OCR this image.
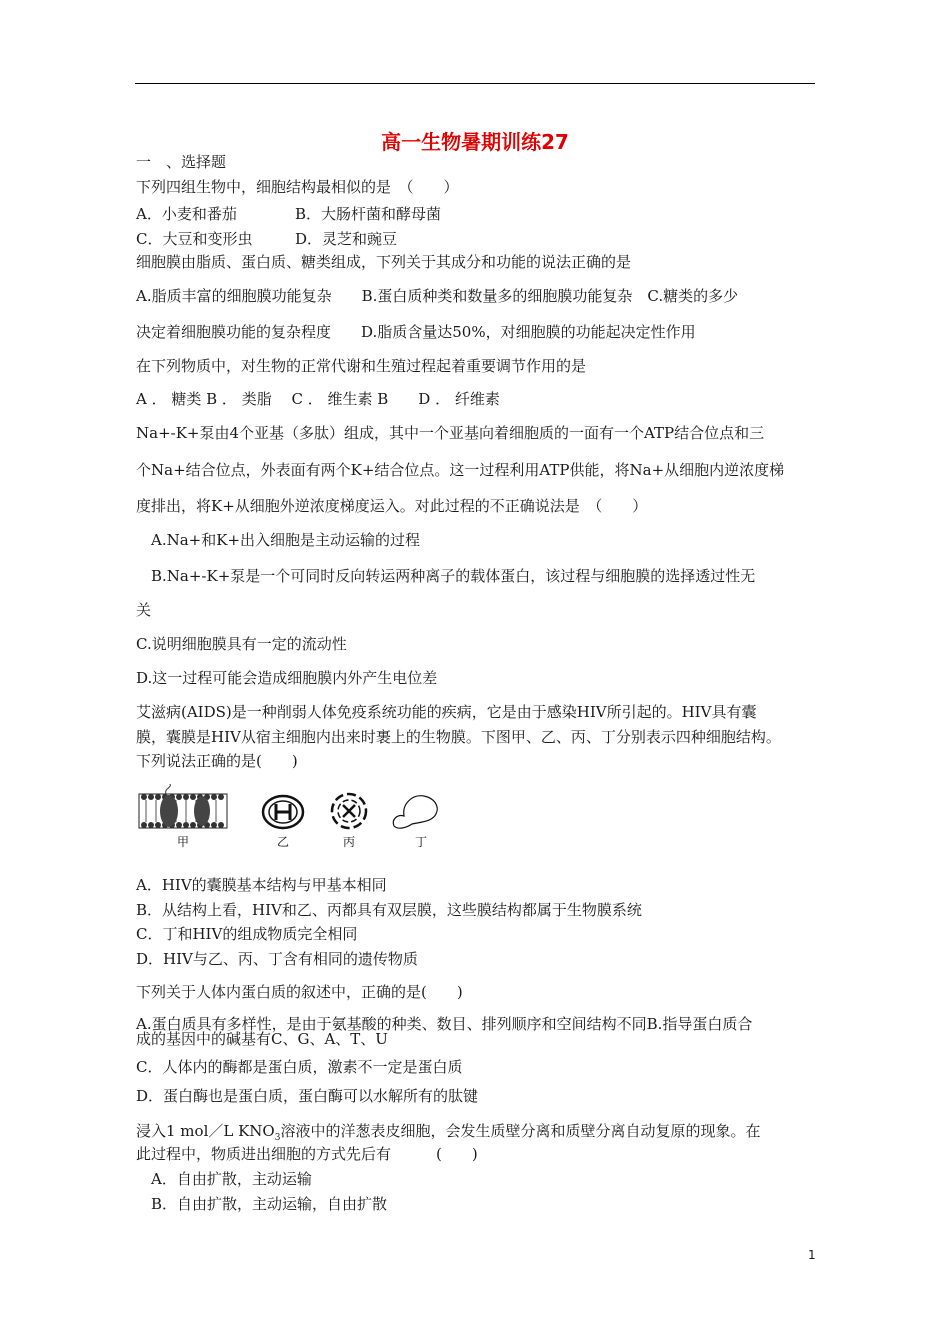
高一生物暑期训练27
一　、选择题
下列四组生物中，细胞结构最相似的是　（　　）
A．小麦和番茄	B．大肠杆菌和酵母菌
C．大豆和变形虫	D．灵芝和豌豆
细胞膜由脂质、蛋白质、糖类组成，下列关于其成分和功能的说法正确的是
A.脂质丰富的细胞膜功能复杂　　B.蛋白质种类和数量多的细胞膜功能复杂　C.糖类的多少
决定着细胞膜功能的复杂程度　　D.脂质含量达50%，对细胞膜的功能起决定性作用
在下列物质中，对生物的正常代谢和生殖过程起着重要调节作用的是
A ． 糖类 B ． 类脂　 C ． 维生素 B　　D ． 纤维素
Na+-K+泵由4个亚基（多肽）组成，其中一个亚基向着细胞质的一面有一个ATP结合位点和三
个Na+结合位点，外表面有两个K+结合位点。这一过程利用ATP供能，将Na+从细胞内逆浓度梯
度排出，将K+从细胞外逆浓度梯度运入。对此过程的不正确说法是　（　　）
A.Na+和K+出入细胞是主动运输的过程
B.Na+-K+泵是一个可同时反向转运两种离子的载体蛋白，该过程与细胞膜的选择透过性无
关
C.说明细胞膜具有一定的流动性
D.这一过程可能会造成细胞膜内外产生电位差
艾滋病(AIDS)是一种削弱人体免疫系统功能的疾病，它是由于感染HIV所引起的。HIV具有囊
膜，囊膜是HIV从宿主细胞内出来时裹上的生物膜。下图甲、乙、丙、丁分别表示四种细胞结构。
下列说法正确的是(　　)
甲	乙	丙	丁
A．HIV的囊膜基本结构与甲基本相同
B．从结构上看，HIV和乙、丙都具有双层膜，这些膜结构都属于生物膜系统
C．丁和HIV的组成物质完全相同
D．HIV与乙、丙、丁含有相同的遗传物质
下列关于人体内蛋白质的叙述中，正确的是(　　)
A.蛋白质具有多样性，是由于氨基酸的种类、数目、排列顺序和空间结构不同B.指导蛋白质合
成的基因中的碱基有C、G、A、T、U
C．人体内的酶都是蛋白质，激素不一定是蛋白质
D．蛋白酶也是蛋白质，蛋白酶可以水解所有的肽键
浸入1 mol／L $KNO_3$溶液中的洋葱表皮细胞，会发生质壁分离和质壁分离自动复原的现象。在
此过程中，物质进出细胞的方式先后有　　　(　　)
A．自由扩散，主动运输
B．自由扩散，主动运输，自由扩散
1
